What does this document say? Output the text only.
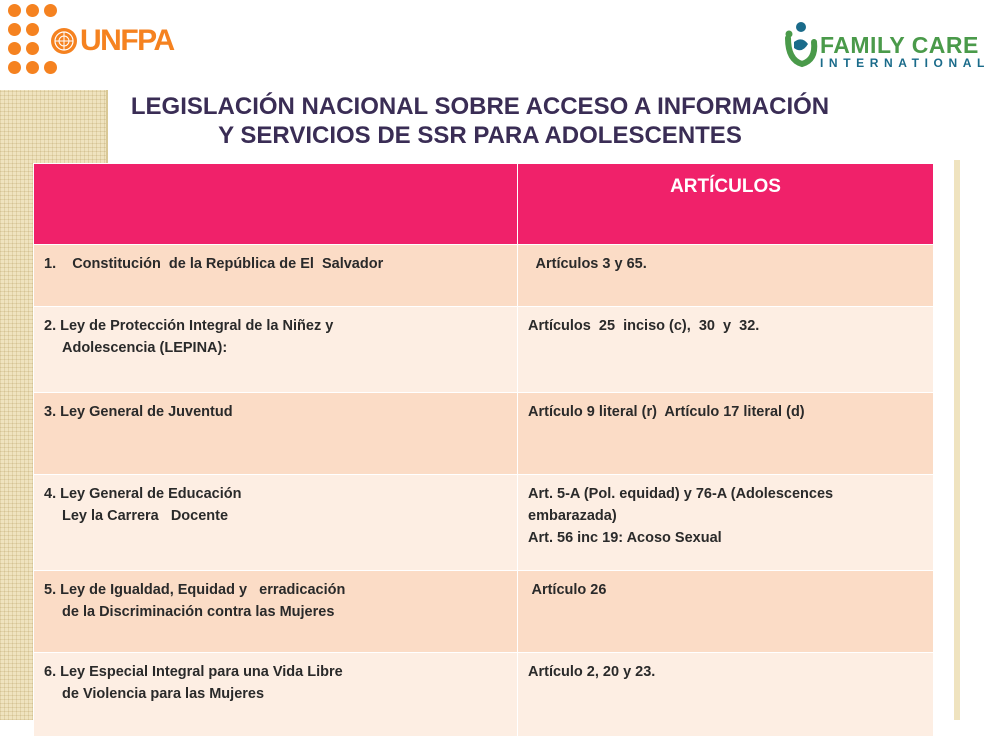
UNFPA	FAMILY CARE
INTERNATIONAL
LEGISLACIÓN NACIONAL SOBRE ACCESO A INFORMACIÓN
Y SERVICIOS DE SSR PARA ADOLESCENTES
	ARTÍCULOS
1.    Constitución  de la República de El  Salvador	Artículos 3 y 65.
2. Ley de Protección Integral de la Niñez y
Adolescencia (LEPINA):	Artículos  25  inciso (c),  30  y  32.
3. Ley General de Juventud	Artículo 9 literal (r)  Artículo 17 literal (d)
4. Ley General de Educación
Ley la Carrera   Docente	Art. 5-A (Pol. equidad) y 76-A (Adolescences embarazada)
Art. 56 inc 19: Acoso Sexual

5. Ley de Igualdad, Equidad y   erradicación
de la Discriminación contra las Mujeres	Artículo 26
6. Ley Especial Integral para una Vida Libre
de Violencia para las Mujeres	Artículo 2, 20 y 23.
